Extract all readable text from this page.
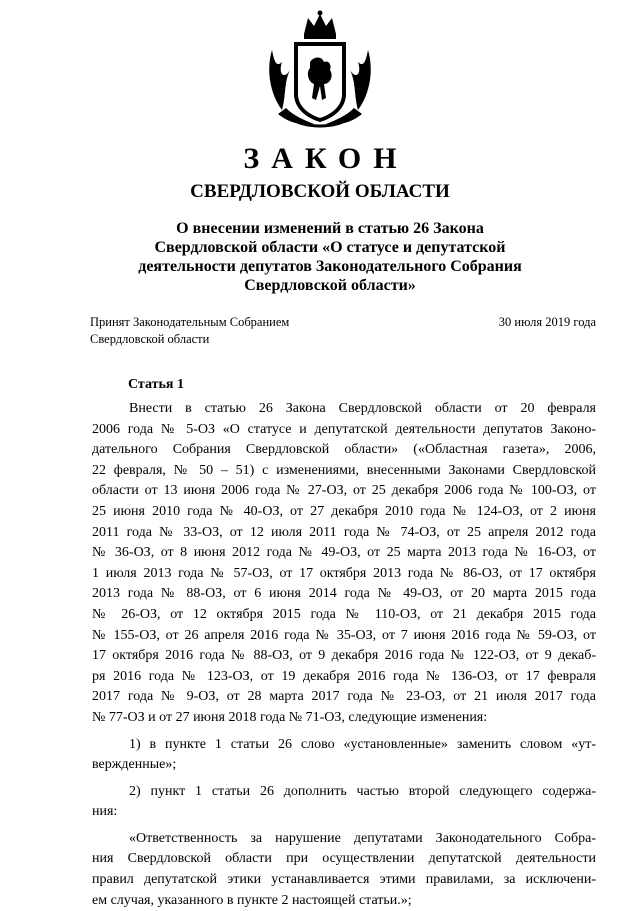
ЗАКОН
СВЕРДЛОВСКОЙ ОБЛАСТИ
О внесении изменений в статью 26 Закона
Свердловской области «О статусе и депутатской
деятельности депутатов Законодательного Собрания
Свердловской области»
Принят Законодательным Собранием
Свердловской области
30 июля 2019 года
Статья 1
Внести в статью 26 Закона Свердловской области от 20 февраля
2006 года № 5-ОЗ «О статусе и депутатской деятельности депутатов Законо-
дательного Собрания Свердловской области» («Областная газета», 2006,
22 февраля, № 50 – 51) с изменениями, внесенными Законами Свердловской
области от 13 июня 2006 года № 27-ОЗ, от 25 декабря 2006 года № 100-ОЗ, от
25 июня 2010 года № 40-ОЗ, от 27 декабря 2010 года № 124-ОЗ, от 2 июня
2011 года № 33-ОЗ, от 12 июля 2011 года № 74-ОЗ, от 25 апреля 2012 года
№ 36-ОЗ, от 8 июня 2012 года № 49-ОЗ, от 25 марта 2013 года № 16-ОЗ, от
1 июля 2013 года № 57-ОЗ, от 17 октября 2013 года № 86-ОЗ, от 17 октября
2013 года № 88-ОЗ, от 6 июня 2014 года № 49-ОЗ, от 20 марта 2015 года
№ 26-ОЗ, от 12 октября 2015 года № 110-ОЗ, от 21 декабря 2015 года
№ 155-ОЗ, от 26 апреля 2016 года № 35-ОЗ, от 7 июня 2016 года № 59-ОЗ, от
17 октября 2016 года № 88-ОЗ, от 9 декабря 2016 года № 122-ОЗ, от 9 декаб-
ря 2016 года № 123-ОЗ, от 19 декабря 2016 года № 136-ОЗ, от 17 февраля
2017 года № 9-ОЗ, от 28 марта 2017 года № 23-ОЗ, от 21 июля 2017 года
№ 77-ОЗ и от 27 июня 2018 года № 71-ОЗ, следующие изменения:
1) в пункте 1 статьи 26 слово «установленные» заменить словом «ут-
вержденные»;
2) пункт 1 статьи 26 дополнить частью второй следующего содержа-
ния:
«Ответственность за нарушение депутатами Законодательного Собра-
ния Свердловской области при осуществлении депутатской деятельности
правил депутатской этики устанавливается этими правилами, за исключени-
ем случая, указанного в пункте 2 настоящей статьи.»;
